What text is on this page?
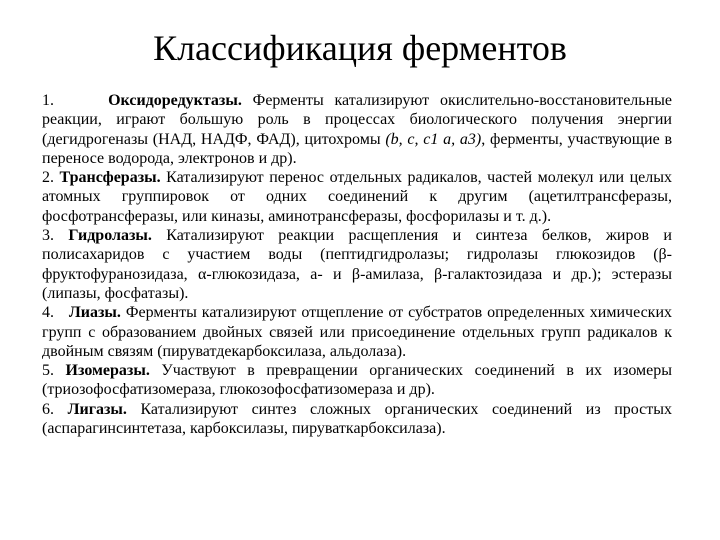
Классификация ферментов

1.	Оксидоредуктазы. Ферменты катализируют окислительно-восстановительные реакции, играют большую роль в процессах биологического получения энергии (дегидрогеназы (НАД, НАДФ, ФАД), цитохромы (b, c, c1 a, a3), ферменты, участвующие в переносе водорода, электронов и др).

2. Трансферазы. Катализируют перенос отдельных радикалов, частей молекул или целых атомных группировок от одних соединений к другим (ацетилтрансферазы, фосфотрансферазы, или киназы, аминотрансферазы, фосфорилазы и т. д.).

3. Гидролазы. Катализируют реакции расщепления и синтеза белков, жиров и полисахаридов с участием воды (пептидгидролазы; гидролазы глюкозидов (β-фруктофуранозидаза, α-глюкозидаза, а- и β-амилаза, β-галактозидаза и др.); эстеразы (липазы, фосфатазы).

4. Лиазы. Ферменты катализируют отщепление от субстратов определенных химических групп с образованием двойных связей или присоединение отдельных групп радикалов к двойным связям (пируватдекарбоксилаза, альдолаза).

5. Изомеразы. Участвуют в превращении органических соединений в их изомеры (триозофосфатизомераза, глюкозофосфатизомераза и др).

6. Лигазы. Катализируют синтез сложных органических соединений из простых (аспарагинсинтетаза, карбоксилазы, пируваткарбоксилаза).
